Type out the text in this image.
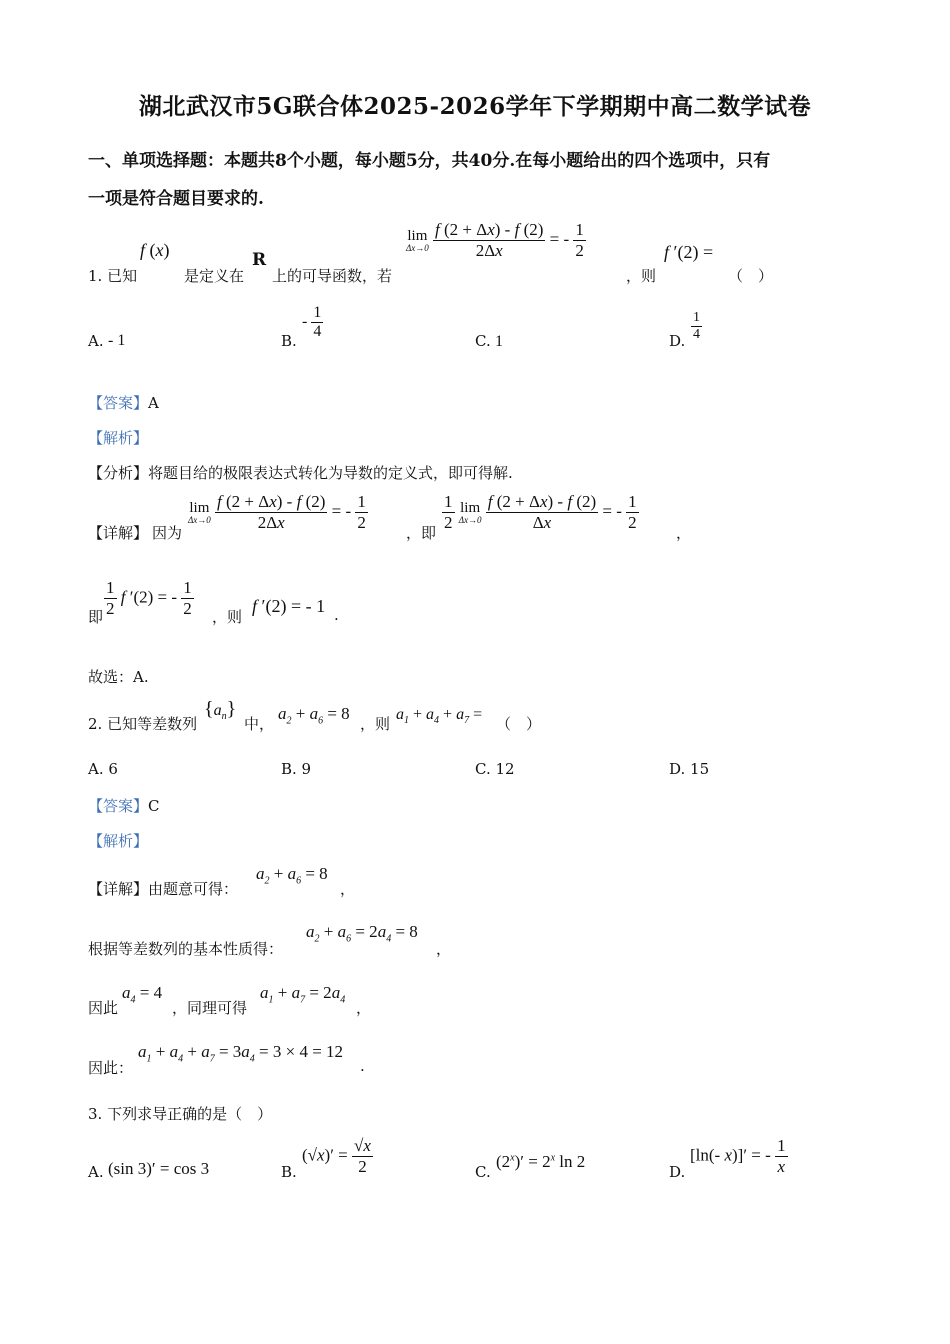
湖北武汉市5G联合体2025-2026学年下学期期中高二数学试卷
一、单项选择题：本题共8个小题，每小题5分，共40分.在每小题给出的四个选项中，只有
一项是符合题目要求的.
1. 已知
f (x)
是定义在
R
上的可导函数，若
lim
Δx→0
$\frac{f (2 + \Delta x) - f (2)}{2\Delta x}$ = - $\frac{1}{2}$
，则
f ′(2) =
（　）
A. - 1	B.
- $\frac{1}{4}$	C. 1	D. $\frac{1}{4}$
【答案】A
【解析】
【分析】将题目给的极限表达式转化为导数的定义式，即可得解.
【详解】 因为
lim
Δx→0
$\frac{f (2 + \Delta x) - f (2)}{2\Delta x}$ = - $\frac{1}{2}$	，即 $\frac{1}{2}$
lim
Δx→0
$\frac{f (2 + \Delta x) - f (2)}{\Delta x}$ = - $\frac{1}{2}$ ，
即 $\frac{1}{2}$ f ′(2) = - $\frac{1}{2}$ ，则
f ′(2) = - 1 .
故选：A.
2. 已知等差数列
$\{a_n\}$
中，
$a_2 + a_6 = 8$
，则
$a_1 + a_4 + a_7$ =
（　）
A. 6	B. 9	C. 12	D. 15
【答案】C
【解析】
【详解】由题意可得：
$a_2 + a_6 = 8$
，
根据等差数列的基本性质得：
$a_2 + a_6 = 2a_4 = 8$
，
因此
$a_4 = 4$
，同理可得
$a_1 + a_7 = 2a_4$ ，
因此：
$a_1 + a_4 + a_7 = 3a_4 = 3 \times 4 = 12$
.
3. 下列求导正确的是（　）
A. (sin 3)′ = cos 3	B.
$(√x)' = \frac{√x}{2}$	C.
$(2^x)' = 2^x$ ln 2
D.
[ln(- x)]′ = - $\frac{1}{x}$
